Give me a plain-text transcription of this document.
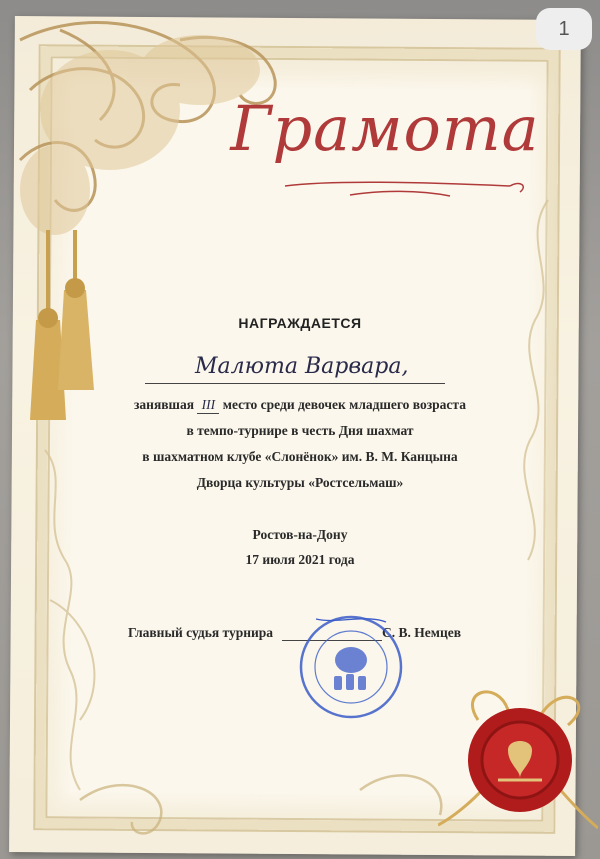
1
Грамота
НАГРАЖДАЕТСЯ
Малюта Варвара,
занявшая III место среди девочек младшего возраста
в темпо-турнире в честь Дня шахмат
в шахматном клубе «Слонёнок» им. В. М. Канцына
Дворца культуры «Ростсельмаш»
Ростов-на-Дону
17 июля 2021 года
Главный судья турнира	С. В. Немцев
